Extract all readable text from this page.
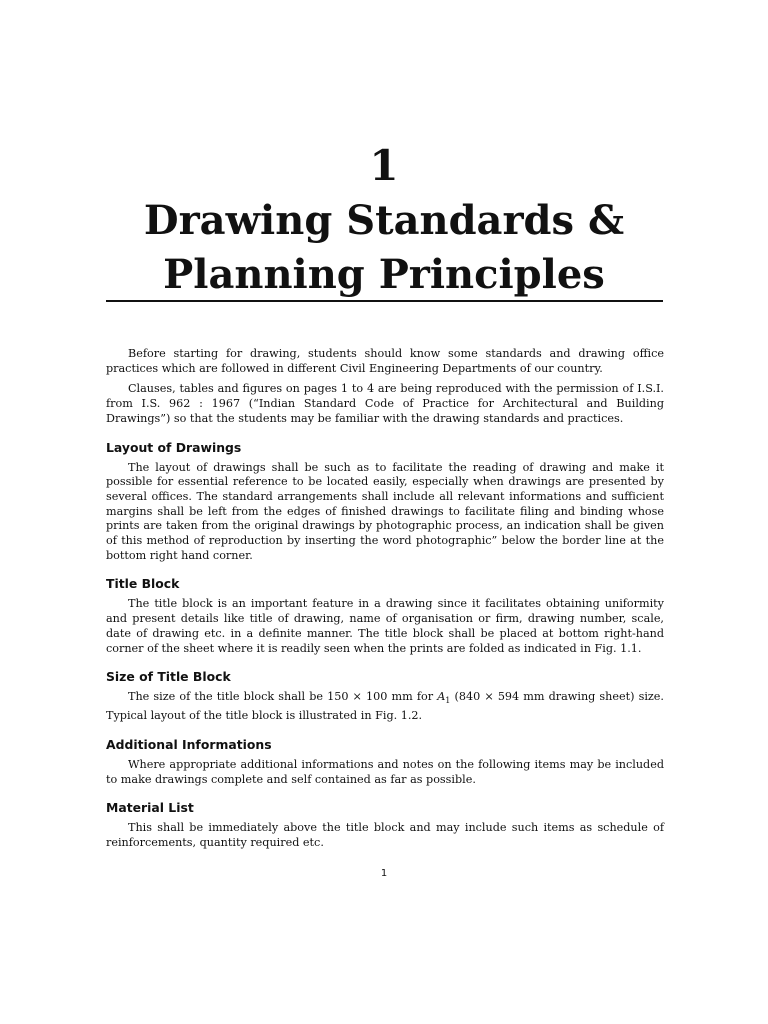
1
Drawing Standards &
Planning Principles

Before starting for drawing, students should know some standards and drawing office practices which are followed in different Civil Engineering Departments of our country.

Clauses, tables and figures on pages 1 to 4 are being reproduced with the permission of I.S.I. from I.S. 962 : 1967 (“Indian Standard Code of Practice for Architectural and Building Drawings”) so that the students may be familiar with the drawing standards and practices.

Layout of Drawings

The layout of drawings shall be such as to facilitate the reading of drawing and make it possible for essential reference to be located easily, especially when drawings are presented by several offices. The standard arrangements shall include all relevant informations and sufficient margins shall be left from the edges of finished drawings to facilitate filing and binding whose prints are taken from the original drawings by photographic process, an indication shall be given of this method of reproduction by inserting the word photographic” below the border line at the bottom right hand corner.

Title Block

The title block is an important feature in a drawing since it facilitates obtaining uniformity and present details like title of drawing, name of organisation or firm, drawing number, scale, date of drawing etc. in a definite manner. The title block shall be placed at bottom right-hand corner of the sheet where it is readily seen when the prints are folded as indicated in Fig. 1.1.

Size of Title Block

The size of the title block shall be 150 × 100 mm for $A_1$ (840 × 594 mm drawing sheet) size. Typical layout of the title block is illustrated in Fig. 1.2.

Additional Informations

Where appropriate additional informations and notes on the following items may be included to make drawings complete and self contained as far as possible.

Material List

This shall be immediately above the title block and may include such items as schedule of reinforcements, quantity required etc.

1
